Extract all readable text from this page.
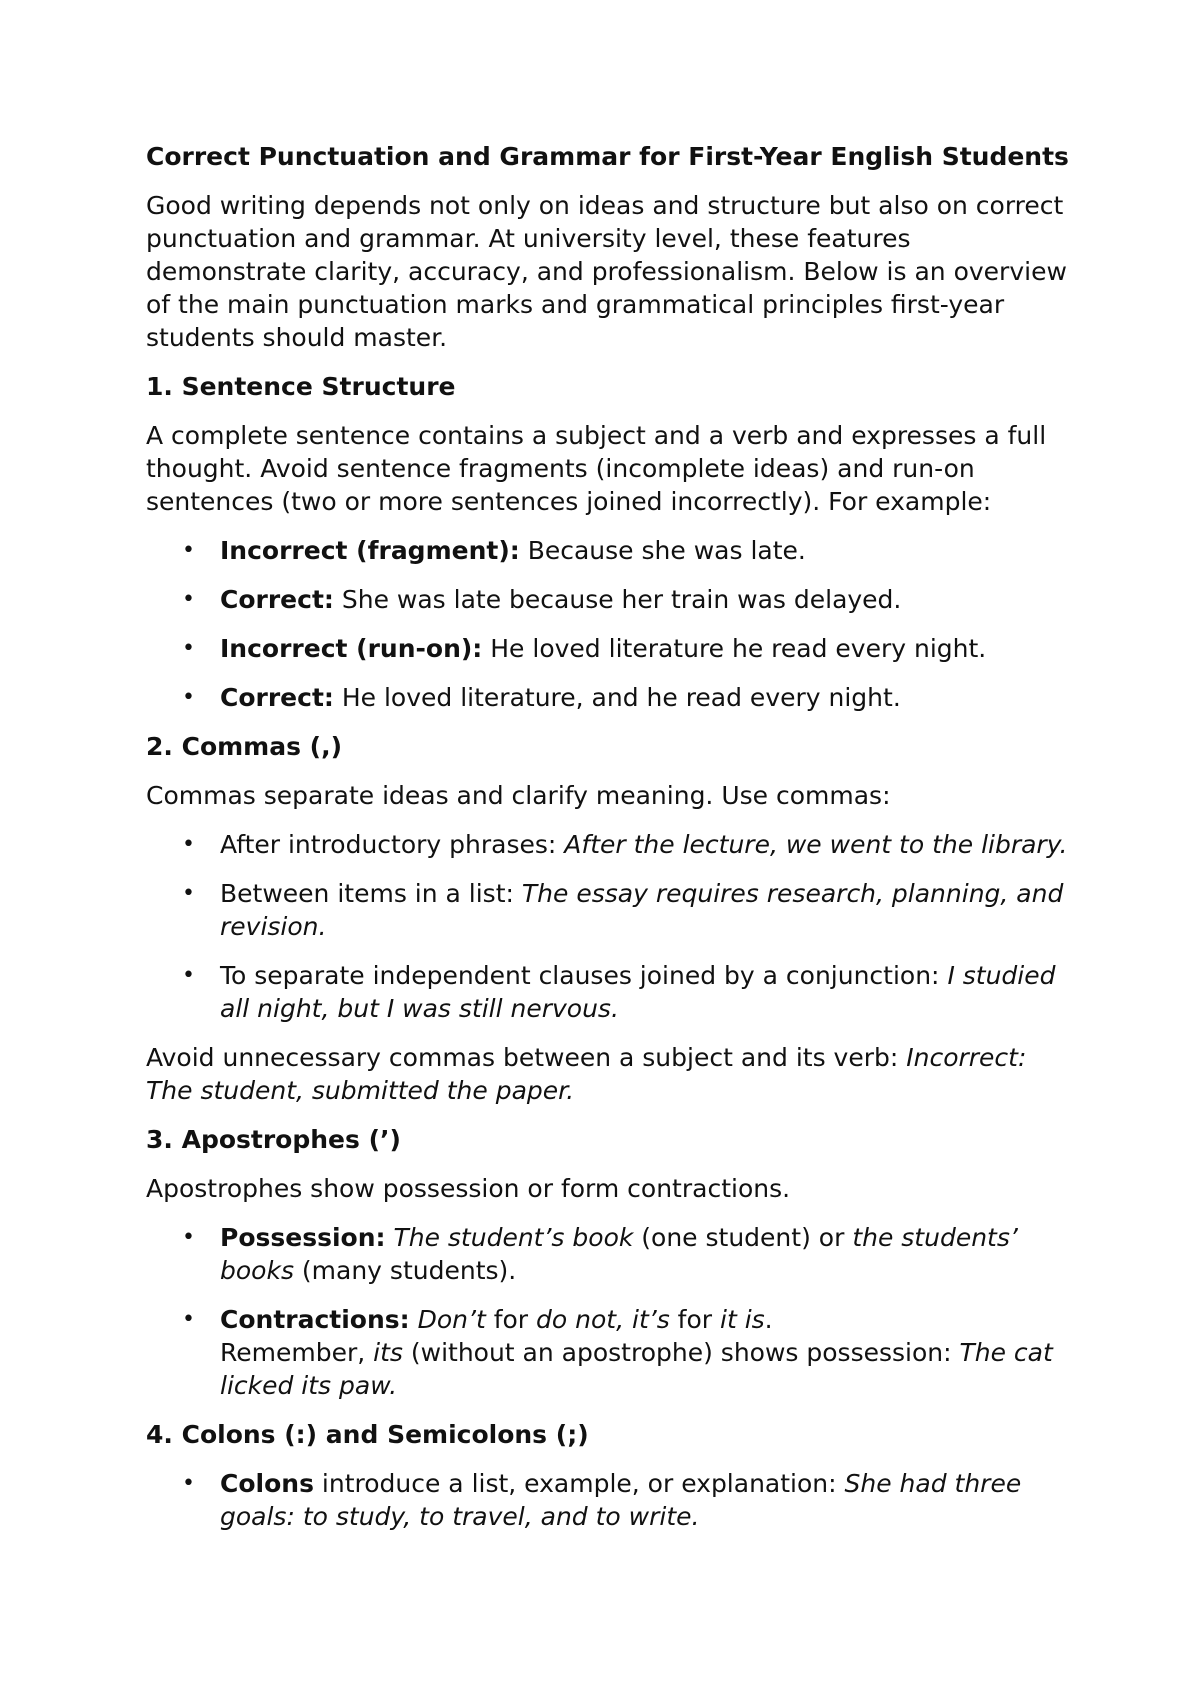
Correct Punctuation and Grammar for First-Year English Students

Good writing depends not only on ideas and structure but also on correct punctuation and grammar. At university level, these features demonstrate clarity, accuracy, and professionalism. Below is an overview of the main punctuation marks and grammatical principles first-year students should master.

1. Sentence Structure

A complete sentence contains a subject and a verb and expresses a full thought. Avoid sentence fragments (incomplete ideas) and run-on sentences (two or more sentences joined incorrectly). For example:

• Incorrect (fragment): Because she was late.
• Correct: She was late because her train was delayed.
• Incorrect (run-on): He loved literature he read every night.
• Correct: He loved literature, and he read every night.

2. Commas (,)

Commas separate ideas and clarify meaning. Use commas:

• After introductory phrases: After the lecture, we went to the library.
• Between items in a list: The essay requires research, planning, and revision.
• To separate independent clauses joined by a conjunction: I studied all night, but I was still nervous.

Avoid unnecessary commas between a subject and its verb: Incorrect: The student, submitted the paper.

3. Apostrophes (’)

Apostrophes show possession or form contractions.

• Possession: The student’s book (one student) or the students’ books (many students).
• Contractions: Don’t for do not, it’s for it is.
Remember, its (without an apostrophe) shows possession: The cat licked its paw.

4. Colons (:) and Semicolons (;)

• Colons introduce a list, example, or explanation: She had three goals: to study, to travel, and to write.
